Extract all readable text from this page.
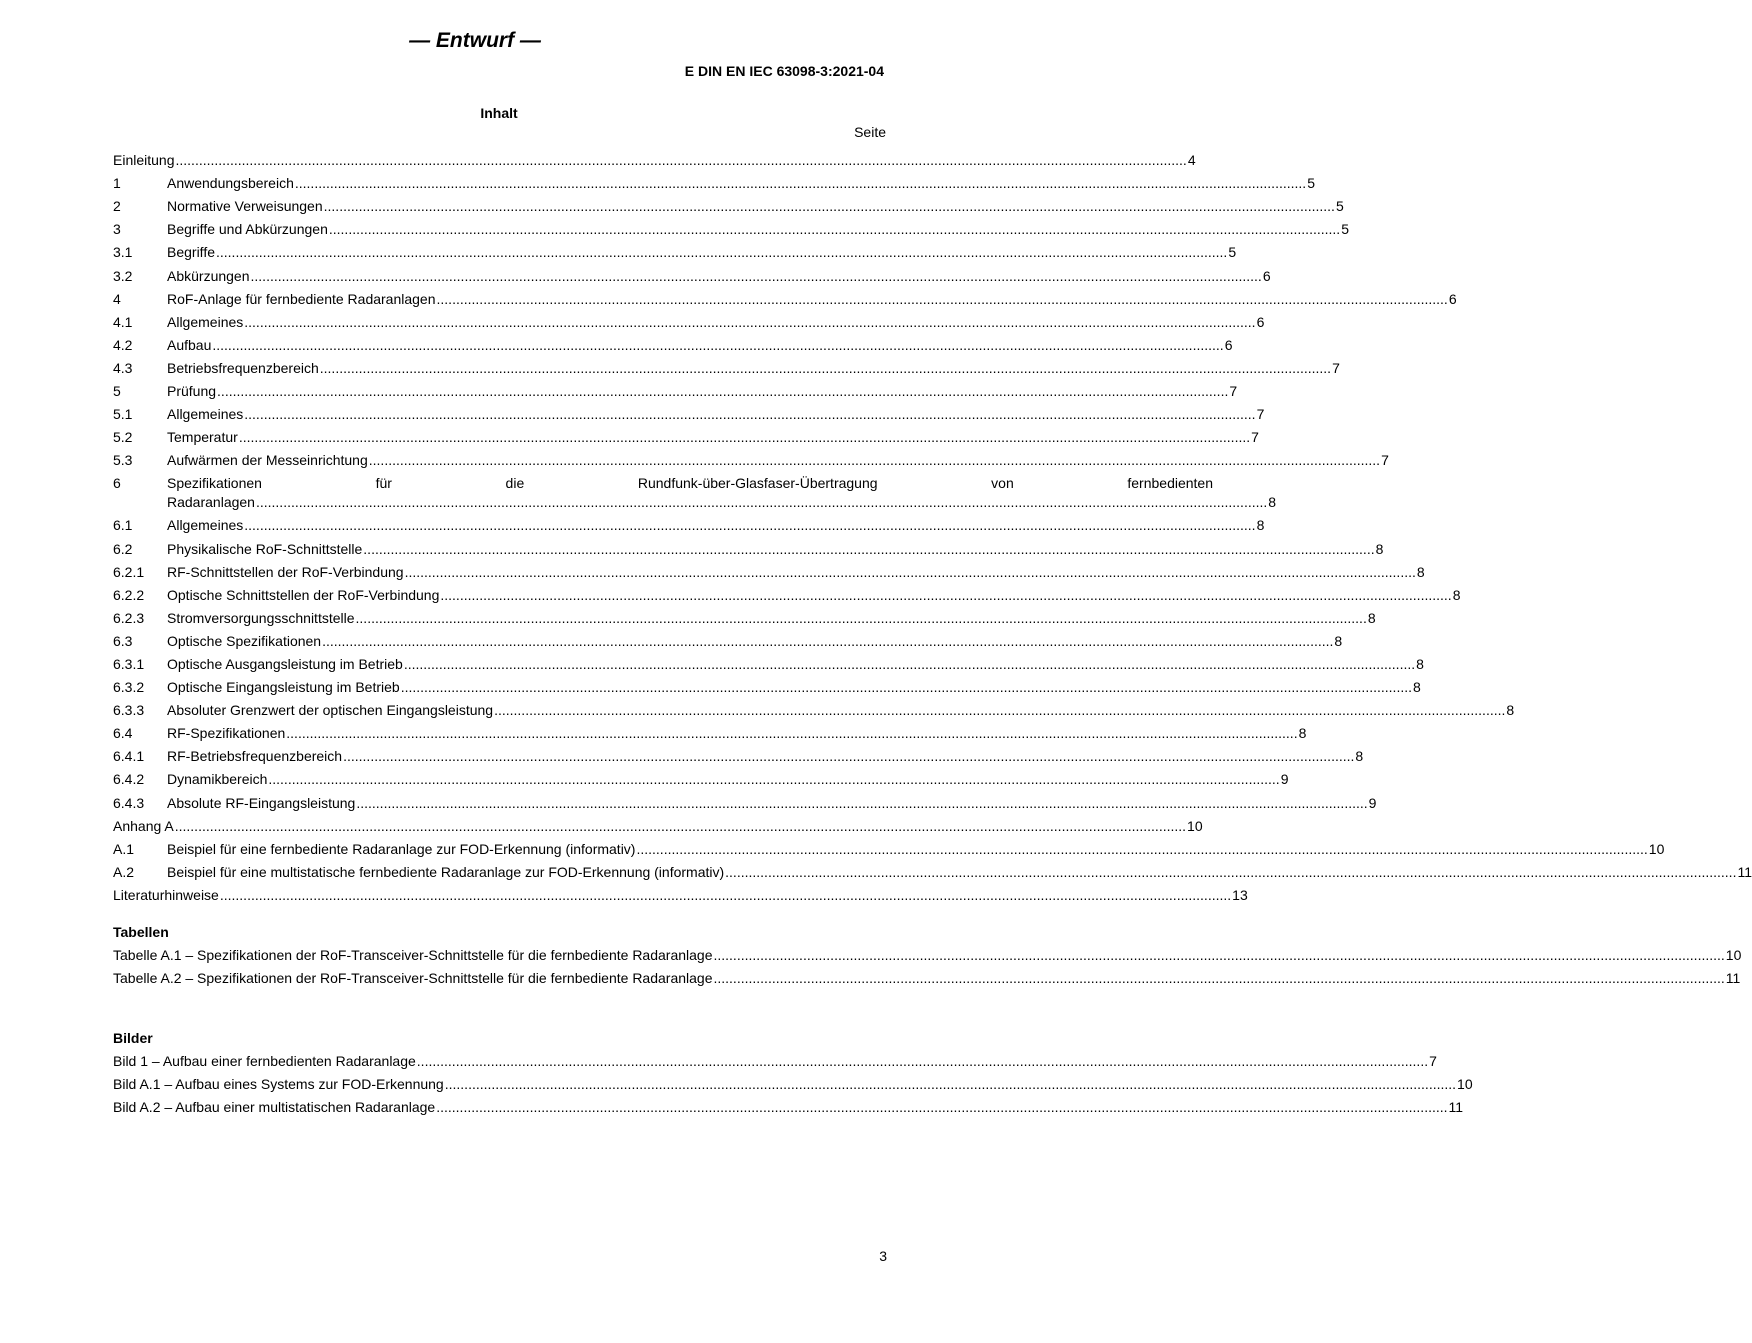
— Entwurf —
E DIN EN IEC 63098-3:2021-04
Inhalt
Seite
Einleitung .....	4
1	Anwendungsbereich .....	5
2	Normative Verweisungen .....	5
3	Begriffe und Abkürzungen .....	5
3.1	Begriffe .....	5
3.2	Abkürzungen .....	6
4	RoF-Anlage für fernbediente Radaranlagen .....	6
4.1	Allgemeines .....	6
4.2	Aufbau .....	6
4.3	Betriebsfrequenzbereich .....	7
5	Prüfung .....	7
5.1	Allgemeines .....	7
5.2	Temperatur .....	7
5.3	Aufwärmen der Messeinrichtung .....	7
6	Spezifikationen	für	die	Rundfunk-über-Glasfaser-Übertragung	von	fernbedienten
Radaranlagen .....	8
6.1	Allgemeines .....	8
6.2	Physikalische RoF-Schnittstelle .....	8
6.2.1	RF-Schnittstellen der RoF-Verbindung .....	8
6.2.2	Optische Schnittstellen der RoF-Verbindung .....	8
6.2.3	Stromversorgungsschnittstelle .....	8
6.3	Optische Spezifikationen .....	8
6.3.1	Optische Ausgangsleistung im Betrieb .....	8
6.3.2	Optische Eingangsleistung im Betrieb .....	8
6.3.3	Absoluter Grenzwert der optischen Eingangsleistung .....	8
6.4	RF-Spezifikationen .....	8
6.4.1	RF-Betriebsfrequenzbereich .....	8
6.4.2	Dynamikbereich .....	9
6.4.3	Absolute RF-Eingangsleistung .....	9
Anhang A .....	10
A.1	Beispiel für eine fernbediente Radaranlage zur FOD-Erkennung (informativ) .....	10
A.2	Beispiel für eine multistatische fernbediente Radaranlage zur FOD-Erkennung (informativ) .....	11
Literaturhinweise .....	13
Tabellen
Tabelle A.1 – Spezifikationen der RoF-Transceiver-Schnittstelle für die fernbediente Radaranlage .....	10
Tabelle A.2 – Spezifikationen der RoF-Transceiver-Schnittstelle für die fernbediente Radaranlage .....	11
Bilder
Bild 1 – Aufbau einer fernbedienten Radaranlage .....	7
Bild A.1 – Aufbau eines Systems zur FOD-Erkennung .....	10
Bild A.2 – Aufbau einer multistatischen Radaranlage .....	11
3
